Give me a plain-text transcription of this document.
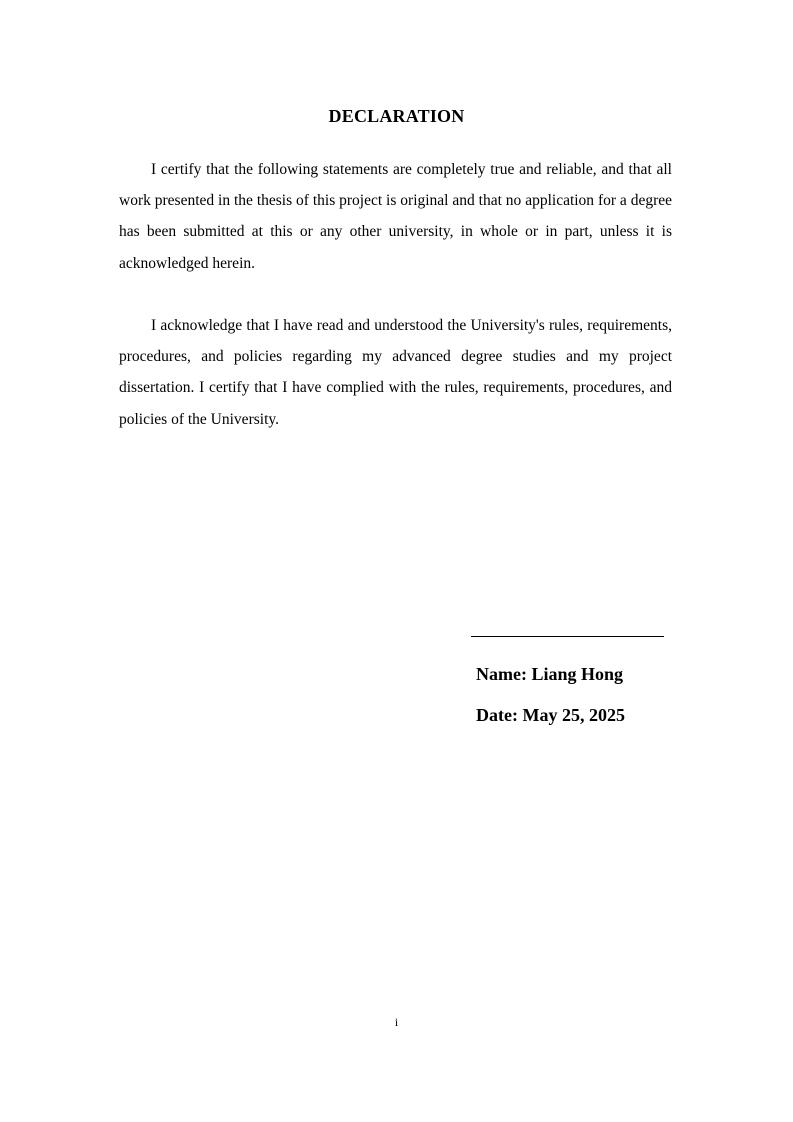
DECLARATION

I certify that the following statements are completely true and reliable, and that all work presented in the thesis of this project is original and that no application for a degree has been submitted at this or any other university, in whole or in part, unless it is acknowledged herein.

I acknowledge that I have read and understood the University's rules, requirements, procedures, and policies regarding my advanced degree studies and my project dissertation. I certify that I have complied with the rules, requirements, procedures, and policies of the University.

Name: Liang Hong
Date: May 25, 2025
i
